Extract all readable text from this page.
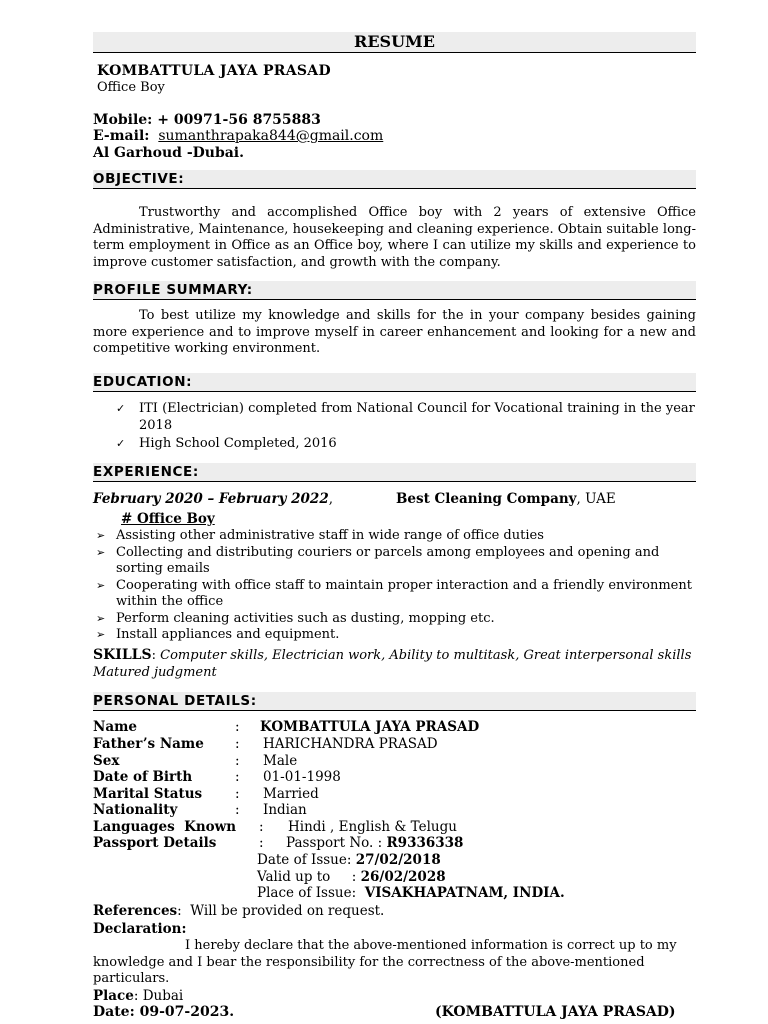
RESUME
KOMBATTULA JAYA PRASAD
Office Boy
Mobile: + 00971-56 8755883
E-mail: sumanthrapaka844@gmail.com
Al Garhoud -Dubai.
OBJECTIVE:
Trustworthy and accomplished Office boy with 2 years of extensive Office Administrative, Maintenance, housekeeping and cleaning experience. Obtain suitable long-term employment in Office as an Office boy, where I can utilize my skills and experience to improve customer satisfaction, and growth with the company.
PROFILE SUMMARY:
To best utilize my knowledge and skills for the in your company besides gaining more experience and to improve myself in career enhancement and looking for a new and competitive working environment.
EDUCATION:
✓ ITI (Electrician) completed from National Council for Vocational training in the year 2018
✓ High School Completed, 2016
EXPERIENCE:
February 2020 – February 2022,	Best Cleaning Company, UAE
# Office Boy
➢ Assisting other administrative staff in wide range of office duties
➢ Collecting and distributing couriers or parcels among employees and opening and sorting emails
➢ Cooperating with office staff to maintain proper interaction and a friendly environment within the office
➢ Perform cleaning activities such as dusting, mopping etc.
➢ Install appliances and equipment.
SKILLS: Computer skills, Electrician work, Ability to multitask, Great interpersonal skills Matured judgment
PERSONAL DETAILS:
Name	: KOMBATTULA JAYA PRASAD
Father’s Name : HARICHANDRA PRASAD
Sex	: Male
Date of Birth	: 01-01-1998
Marital Status : Married
Nationality	: Indian
Languages  Known : Hindi , English & Telugu
Passport Details	: Passport No. : R9336338
Date of Issue: 27/02/2018
Valid up to     : 26/02/2028
Place of Issue:  VISAKHAPATNAM, INDIA.
References:  Will be provided on request.
Declaration:
I hereby declare that the above-mentioned information is correct up to my knowledge and I bear the responsibility for the correctness of the above-mentioned particulars.
Place: Dubai
Date: 09-07-2023.	(KOMBATTULA JAYA PRASAD)
